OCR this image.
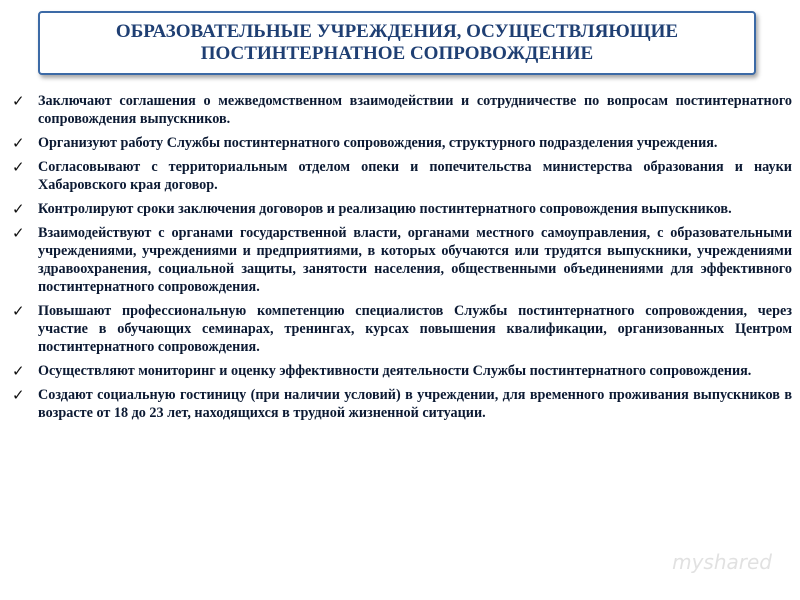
ОБРАЗОВАТЕЛЬНЫЕ УЧРЕЖДЕНИЯ, ОСУЩЕСТВЛЯЮЩИЕ ПОСТИНТЕРНАТНОЕ СОПРОВОЖДЕНИЕ
✓ Заключают соглашения о межведомственном взаимодействии и сотрудничестве по вопросам постинтернатного сопровождения выпускников.
✓ Организуют работу Службы постинтернатного сопровождения, структурного подразделения учреждения.
✓ Согласовывают с территориальным отделом опеки и попечительства министерства образования и науки Хабаровского края договор.
✓ Контролируют сроки заключения договоров и реализацию постинтернатного сопровождения выпускников.
✓ Взаимодействуют с органами государственной власти, органами местного самоуправления, с образовательными учреждениями, учреждениями и предприятиями, в которых обучаются или трудятся выпускники, учреждениями здравоохранения, социальной защиты, занятости населения, общественными объединениями для эффективного постинтернатного сопровождения.
✓ Повышают профессиональную компетенцию специалистов Службы постинтернатного сопровождения, через участие в обучающих семинарах, тренингах, курсах повышения квалификации, организованных Центром постинтернатного сопровождения.
✓ Осуществляют мониторинг и оценку эффективности деятельности Службы постинтернатного сопровождения.
✓ Создают социальную гостиницу (при наличии условий) в учреждении, для временного проживания выпускников в возрасте от 18 до 23 лет, находящихся в трудной жизненной ситуации.
myshared
